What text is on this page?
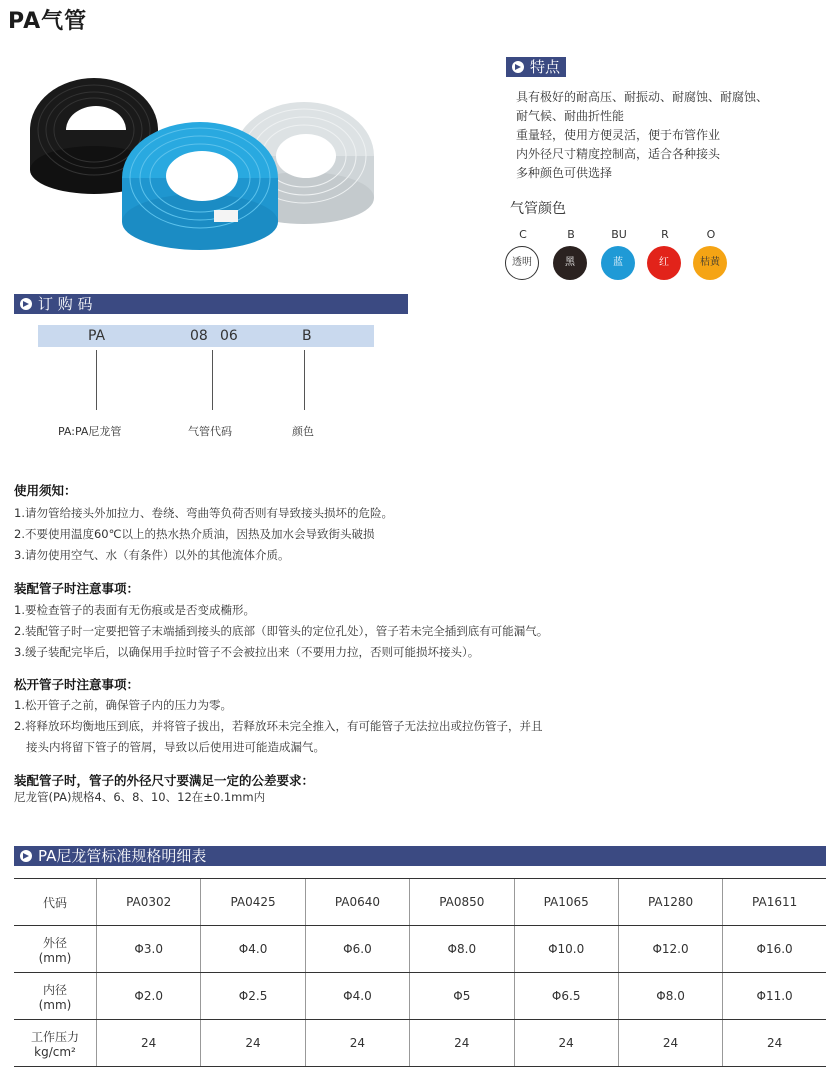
PA气管
特点
具有极好的耐高压、耐振动、耐腐蚀、耐腐蚀、
耐气候、耐曲折性能
重量轻，使用方便灵活，便于布管作业
内外径尺寸精度控制高，适合各种接头
多种颜色可供选择
气管颜色
C
透明
B
黑
BU
蓝
R
红
O
桔黄
订 购 码
PA	08 06	B
PA:PA尼龙管	气管代码	颜色
使用须知：
1.请勿管给接头外加拉力、卷绕、弯曲等负荷否则有导致接头损坏的危险。
2.不要使用温度60℃以上的热水热介质油，因热及加水会导致街头破损
3.请勿使用空气、水（有条件）以外的其他流体介质。
装配管子时注意事项：
1.要检查管子的表面有无伤痕或是否变成椭形。
2.装配管子时一定要把管子末端插到接头的底部（即管头的定位孔处），管子若未完全插到底有可能漏气。
3.缓子装配完毕后，以确保用手拉时管子不会被拉出来（不要用力拉，否则可能损坏接头）。
松开管子时注意事项：
1.松开管子之前，确保管子内的压力为零。
2.将释放环均衡地压到底，并将管子拔出，若释放环未完全推入，有可能管子无法拉出或拉伤管子，并且
接头内将留下管子的管屑，导致以后使用进可能造成漏气。
装配管子时，管子的外径尺寸要满足一定的公差要求：
尼龙管(PA)规格4、6、8、10、12在±0.1mm内
PA尼龙管标准规格明细表
代码	PA0302	PA0425	PA0640	PA0850	PA1065	PA1280	PA1611

外径
(mm)	Φ3.0	Φ4.0	Φ6.0	Φ8.0	Φ10.0	Φ12.0	Φ16.0

内径
(mm)	Φ2.0	Φ2.5	Φ4.0	Φ5	Φ6.5	Φ8.0	Φ11.0

工作压力
kg/cm²	24	24	24	24	24	24	24
